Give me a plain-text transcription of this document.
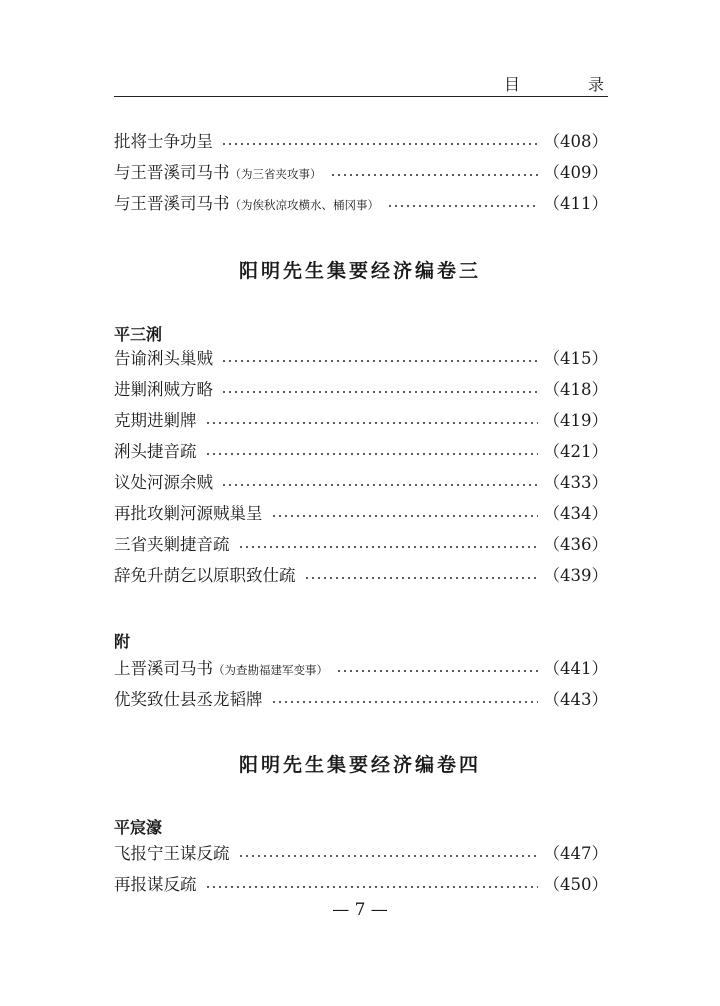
目　录
批将士争功呈	（408）
与王晋溪司马书 （为三省夹攻事）	（409）
与王晋溪司马书 （为俟秋凉攻横水、桶冈事）	（411）
阳明先生集要经济编卷三
平三浰
告谕浰头巢贼	（415）
进剿浰贼方略	（418）
克期进剿牌	（419）
浰头捷音疏	（421）
议处河源余贼	（433）
再批攻剿河源贼巢呈	（434）
三省夹剿捷音疏	（436）
辞免升荫乞以原职致仕疏	（439）
附
上晋溪司马书 （为查勘福建军变事）	（441）
优奖致仕县丞龙韬牌	（443）
阳明先生集要经济编卷四
平宸濠
飞报宁王谋反疏	（447）
再报谋反疏	（450）
— 7 —
